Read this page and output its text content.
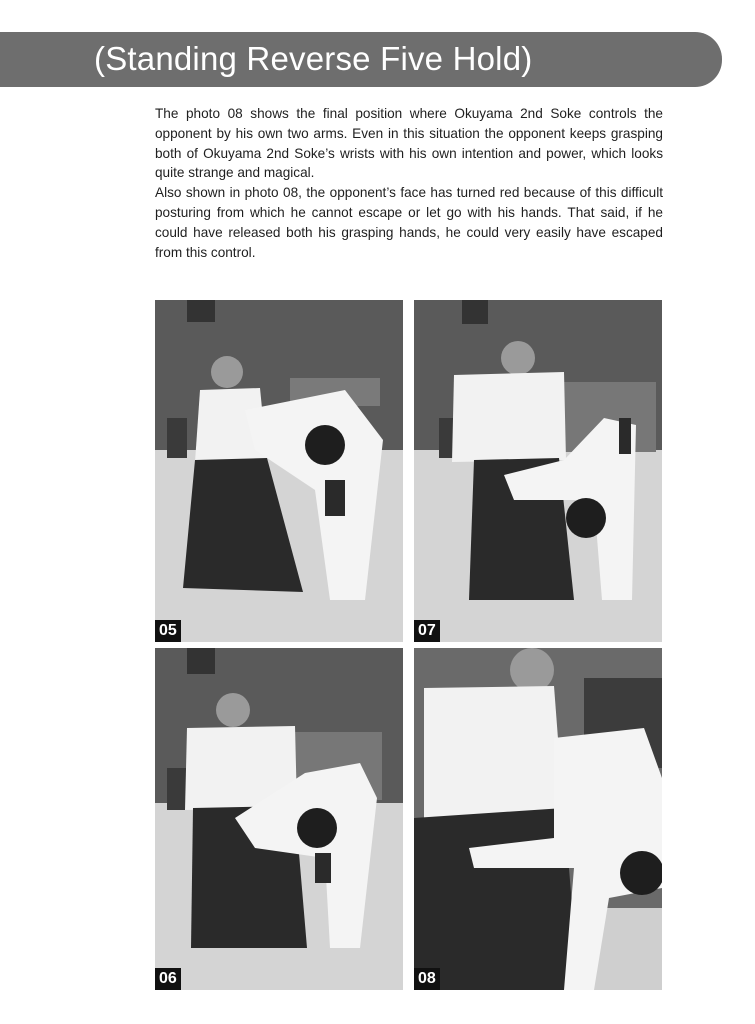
(Standing Reverse Five Hold)

The photo 08 shows the final position where Okuyama 2nd Soke controls the opponent by his own two arms. Even in this situation the opponent keeps grasping both of Okuyama 2nd Soke’s wrists with his own intention and power, which looks quite strange and magical.

Also shown in photo 08, the opponent’s face has turned red because of this difficult posturing from which he cannot escape or let go with his hands. That said, if he could have released both his grasping hands, he could very easily have escaped from this control.

05	07
06	08
